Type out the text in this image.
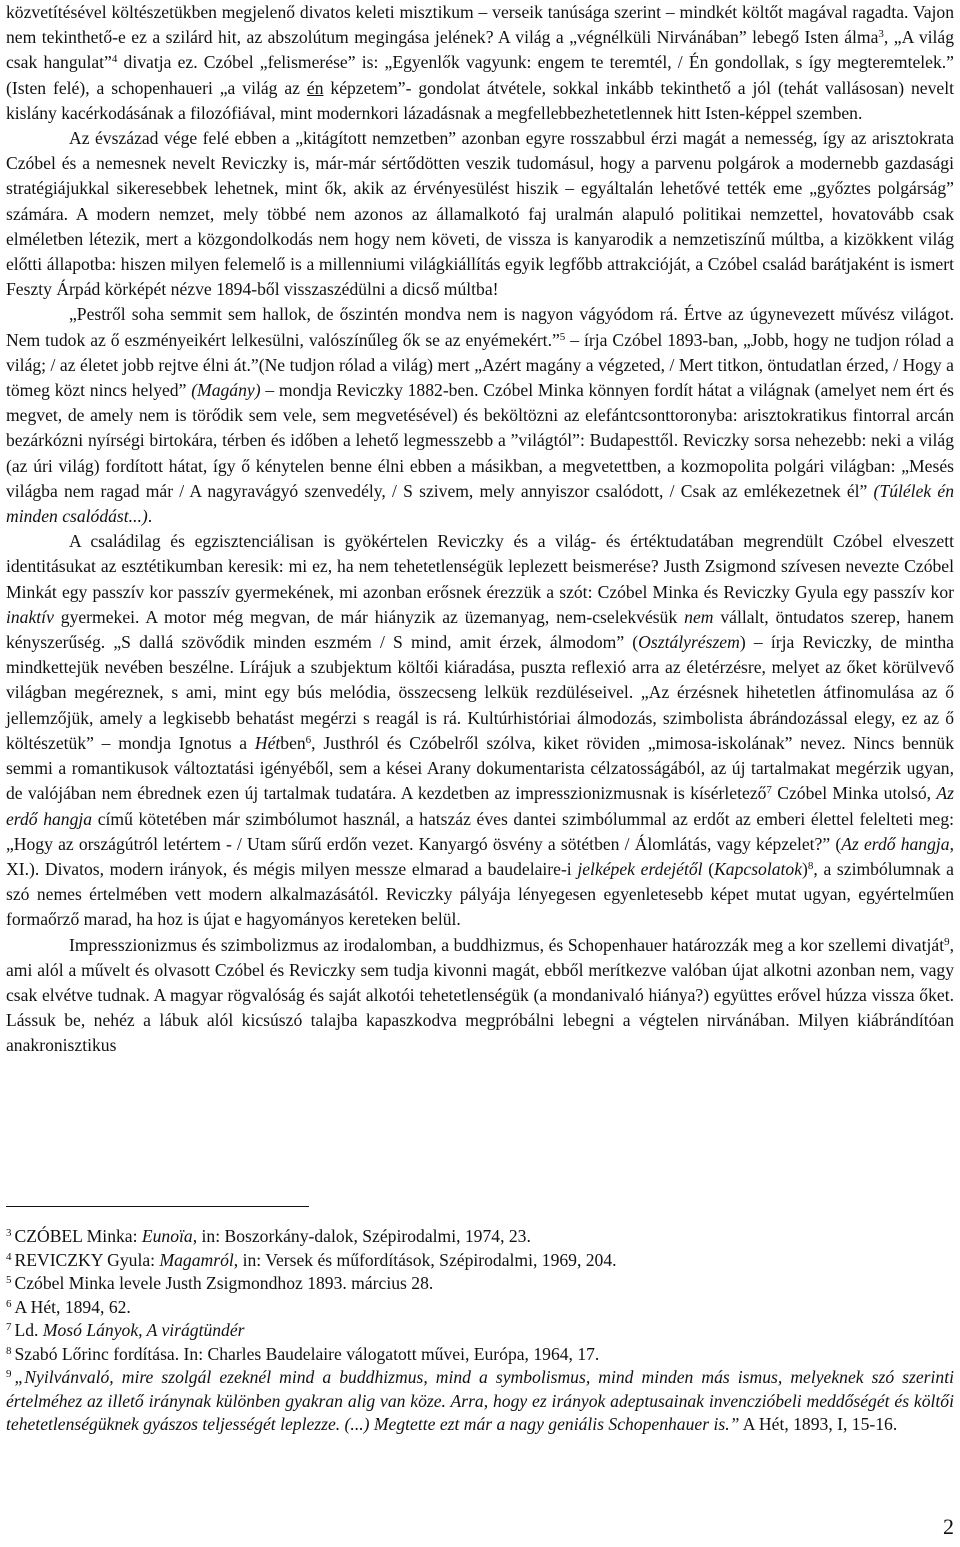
közvetítésével költészetükben megjelenő divatos keleti misztikum – verseik tanúsága szerint – mindkét költőt magával ragadta. Vajon nem tekinthető-e ez a szilárd hit, az abszolútum megingása jelének? A világ a „végnélküli Nirvánában” lebegő Isten álma$^3$, „A világ csak hangulat”$^4$ divatja ez. Czóbel „felismerése” is: „Egyenlők vagyunk: engem te teremtél, / Én gondollak, s így megteremtelek.” (Isten felé), a schopenhaueri „a világ az én képzetem”- gondolat átvétele, sokkal inkább tekinthető a jól (tehát vallásosan) nevelt kislány kacérkodásának a filozófiával, mint modernkori lázadásnak a megfellebbezhetetlennek hitt Isten-képpel szemben.

Az évszázad vége felé ebben a „kitágított nemzetben” azonban egyre rosszabbul érzi magát a nemesség, így az arisztokrata Czóbel és a nemesnek nevelt Reviczky is, már-már sértődötten veszik tudomásul, hogy a parvenu polgárok a modernebb gazdasági stratégiájukkal sikeresebbek lehetnek, mint ők, akik az érvényesülést hiszik – egyáltalán lehetővé tették eme „győztes polgárság” számára. A modern nemzet, mely többé nem azonos az államalkotó faj uralmán alapuló politikai nemzettel, hovatovább csak elméletben létezik, mert a közgondolkodás nem hogy nem követi, de vissza is kanyarodik a nemzetiszínű múltba, a kizökkent világ előtti állapotba: hiszen milyen felemelő is a millenniumi világkiállítás egyik legfőbb attrakcióját, a Czóbel család barátjaként is ismert Feszty Árpád körképét nézve 1894-ből visszaszédülni a dicső múltba!

„Pestről soha semmit sem hallok, de őszintén mondva nem is nagyon vágyódom rá. Értve az úgynevezett művész világot. Nem tudok az ő eszményeikért lelkesülni, valószínűleg ők se az enyémekért.”$^5$ – írja Czóbel 1893-ban, „Jobb, hogy ne tudjon rólad a világ; / az életet jobb rejtve élni át.”(Ne tudjon rólad a világ) mert „Azért magány a végzeted, / Mert titkon, öntudatlan érzed, / Hogy a tömeg közt nincs helyed” (Magány) – mondja Reviczky 1882-ben. Czóbel Minka könnyen fordít hátat a világnak (amelyet nem ért és megvet, de amely nem is törődik sem vele, sem megvetésével) és beköltözni az elefántcsonttoronyba: arisztokratikus fintorral arcán bezárkózni nyírségi birtokára, térben és időben a lehető legmesszebb a ”világtól”: Budapesttől. Reviczky sorsa nehezebb: neki a világ (az úri világ) fordított hátat, így ő kénytelen benne élni ebben a másikban, a megvetettben, a kozmopolita polgári világban: „Mesés világba nem ragad már / A nagyravágyó szenvedély, / S szivem, mely annyiszor csalódott, / Csak az emlékezetnek él” (Túlélek én minden csalódást...).

A családilag és egzisztenciálisan is gyökértelen Reviczky és a világ- és értéktudatában megrendült Czóbel elveszett identitásukat az esztétikumban keresik: mi ez, ha nem tehetetlenségük leplezett beismerése? Justh Zsigmond szívesen nevezte Czóbel Minkát egy passzív kor passzív gyermekének, mi azonban erősnek érezzük a szót: Czóbel Minka és Reviczky Gyula egy passzív kor inaktív gyermekei. A motor még megvan, de már hiányzik az üzemanyag, nem-cselekvésük nem vállalt, öntudatos szerep, hanem kényszerűség. „S dallá szövődik minden eszmém / S mind, amit érzek, álmodom” (Osztályrészem) – írja Reviczky, de mintha mindkettejük nevében beszélne. Lírájuk a szubjektum költői kiáradása, puszta reflexió arra az életérzésre, melyet az őket körülvevő világban megéreznek, s ami, mint egy bús melódia, összecseng lelkük rezdüléseivel. „Az érzésnek hihetetlen átfinomulása az ő jellemzőjük, amely a legkisebb behatást megérzi s reagál is rá. Kultúrhistóriai álmodozás, szimbolista ábrándozással elegy, ez az ő költészetük” – mondja Ignotus a Hétben$^6$, Justhról és Czóbelről szólva, kiket röviden „mimosa-iskolának” nevez. Nincs bennük semmi a romantikusok változtatási igényéből, sem a kései Arany dokumentarista célzatosságából, az új tartalmakat megérzik ugyan, de valójában nem ébrednek ezen új tartalmak tudatára. A kezdetben az impresszionizmusnak is kísérletező$^7$ Czóbel Minka utolsó, Az erdő hangja című kötetében már szimbólumot használ, a hatszáz éves dantei szimbólummal az erdőt az emberi élettel felelteti meg: „Hogy az országútról letértem - / Utam sűrű erdőn vezet. Kanyargó ösvény a sötétben / Álomlátás, vagy képzelet?” (Az erdő hangja, XI.). Divatos, modern irányok, és mégis milyen messze elmarad a baudelaire-i jelképek erdejétől (Kapcsolatok)$^8$, a szimbólumnak a szó nemes értelmében vett modern alkalmazásától. Reviczky pályája lényegesen egyenletesebb képet mutat ugyan, egyértelműen formaőrző marad, ha hoz is újat e hagyományos kereteken belül.

Impresszionizmus és szimbolizmus az irodalomban, a buddhizmus, és Schopenhauer határozzák meg a kor szellemi divatját$^9$, ami alól a művelt és olvasott Czóbel és Reviczky sem tudja kivonni magát, ebből merítkezve valóban újat alkotni azonban nem, vagy csak elvétve tudnak. A magyar rögvalóság és saját alkotói tehetetlenségük (a mondanivaló hiánya?) együttes erővel húzza vissza őket. Lássuk be, nehéz a lábuk alól kicsúszó talajba kapaszkodva megpróbálni lebegni a végtelen nirvánában. Milyen kiábrándítóan anakronisztikus

$^3$ CZÓBEL Minka: Eunoïa, in: Boszorkány-dalok, Szépirodalmi, 1974, 23.

$^4$ REVICZKY Gyula: Magamról, in: Versek és műfordítások, Szépirodalmi, 1969, 204.

$^5$ Czóbel Minka levele Justh Zsigmondhoz 1893. március 28.

$^6$ A Hét, 1894, 62.

$^7$ Ld. Mosó Lányok, A virágtündér

$^8$ Szabó Lőrinc fordítása. In: Charles Baudelaire válogatott művei, Európa, 1964, 17.

$^9$ „Nyilvánvaló, mire szolgál ezeknél mind a buddhizmus, mind a symbolismus, mind minden más ismus, melyeknek szó szerinti értelméhez az illető iránynak különben gyakran alig van köze. Arra, hogy ez irányok adeptusainak invenczióbeli meddőségét és költői tehetetlenségüknek gyászos teljességét leplezze. (...) Megtette ezt már a nagy geniális Schopenhauer is.” A Hét, 1893, I, 15-16.

2
